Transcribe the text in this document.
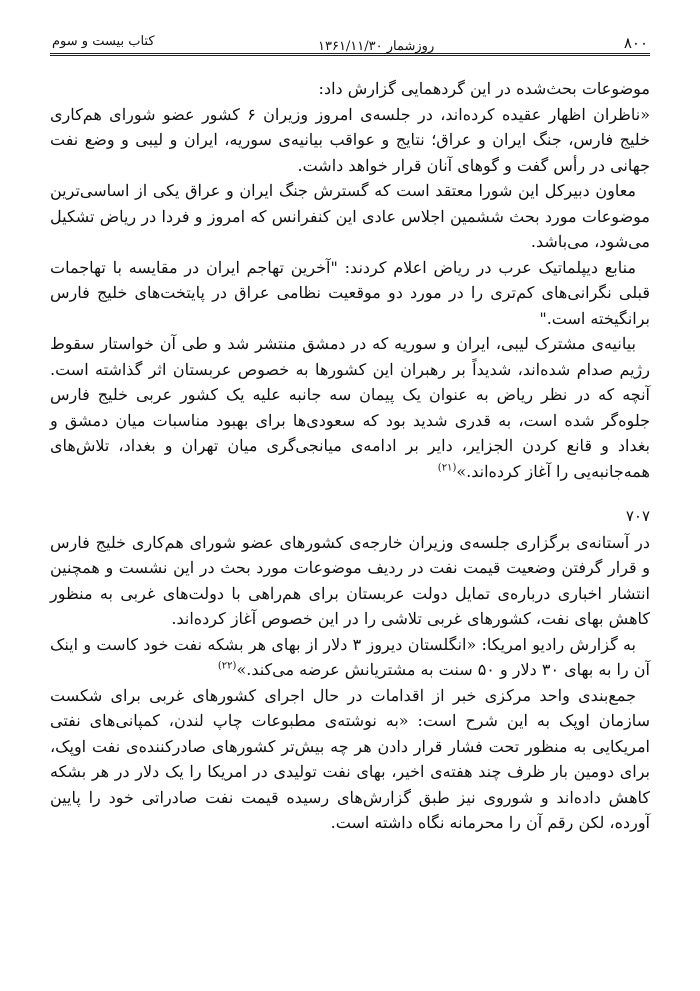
کتاب بیست و سوم	روزشمار ۱۳۶۱/۱۱/۳۰	۸۰۰

موضوعات بحث‌شده در این گردهمایی گزارش داد:

«ناظران اظهار عقیده کرده‌اند، در جلسه‌ی امروز وزیران ۶ کشور عضو شورای هم‌کاری خلیج فارس، جنگ ایران و عراق؛ نتایج و عواقب بیانیه‌ی سوریه، ایران و لیبی و وضع نفت جهانی در رأس گفت و گوهای آنان قرار خواهد داشت.

معاون دبیرکل این شورا معتقد است که گسترش جنگ ایران و عراق یکی از اساسی‌ترین موضوعات مورد بحث ششمین اجلاس عادی این کنفرانس که امروز و فردا در ریاض تشکیل می‌شود، می‌باشد.

منابع دیپلماتیک عرب در ریاض اعلام کردند: "آخرین تهاجم ایران در مقایسه با تهاجمات قبلی نگرانی‌های کم‌تری را در مورد دو موقعیت نظامی عراق در پایتخت‌های خلیج فارس برانگیخته است."

بیانیه‌ی مشترک لیبی، ایران و سوریه که در دمشق منتشر شد و طی آن خواستار سقوط رژیم صدام شده‌اند، شدیداً بر رهبران این کشورها به خصوص عربستان اثر گذاشته است. آنچه که در نظر ریاض به عنوان یک پیمان سه جانبه علیه یک کشور عربی خلیج فارس جلوه‌گر شده است، به قدری شدید بود که سعودی‌ها برای بهبود مناسبات میان دمشق و بغداد و قانع کردن الجزایر، دایر بر ادامه‌ی میانجی‌گری میان تهران و بغداد، تلاش‌های همه‌جانبه‌یی را آغاز کرده‌اند.»$^{(۲۱)}$

۷۰۷

در آستانه‌ی برگزاری جلسه‌ی وزیران خارجه‌ی کشورهای عضو شورای هم‌کاری خلیج فارس و قرار گرفتن وضعیت قیمت نفت در ردیف موضوعات مورد بحث در این نشست و همچنین انتشار اخباری درباره‌ی تمایل دولت عربستان برای هم‌راهی با دولت‌های غربی به منظور کاهش بهای نفت، کشورهای غربی تلاشی را در این خصوص آغاز کرده‌اند.

به گزارش رادیو امریکا: «انگلستان دیروز ۳ دلار از بهای هر بشکه نفت خود کاست و اینک آن را به بهای ۳۰ دلار و ۵۰ سنت به مشتریانش عرضه می‌کند.»$^{(۲۲)}$

جمع‌بندی واحد مرکزی خبر از اقدامات در حال اجرای کشورهای غربی برای شکست سازمان اوپک به این شرح است: «به نوشته‌ی مطبوعات چاپ لندن، کمپانی‌های نفتی امریکایی به منظور تحت فشار قرار دادن هر چه بیش‌تر کشورهای صادرکننده‌ی نفت اوپک، برای دومین بار ظرف چند هفته‌ی اخیر، بهای نفت تولیدی در امریکا را یک دلار در هر بشکه کاهش داده‌اند و شوروی نیز طبق گزارش‌های رسیده قیمت نفت صادراتی خود را پایین آورده، لکن رقم آن را محرمانه نگاه داشته است.
